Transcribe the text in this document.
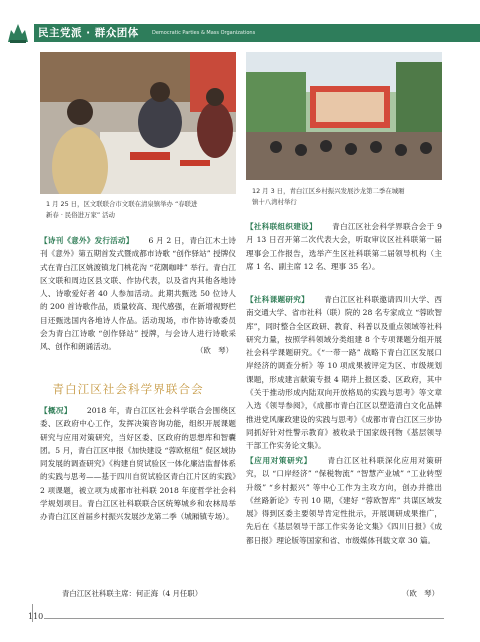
民主党派 · 群众团体	Democratic Parties & Mass Organizations
1 月 25 日，区文联联合市文联在清泉镇举办 “春联进
新春 · 民俗进万家” 活动
12 月 3 日，青白江区乡村振兴发展沙龙第二季在城厢
镇十八湾村举行
【诗刊《意外》发行活动】 6 月 2 日，青白江木土诗刊《意外》第五期首发式暨成都市诗歌 “创作驿站” 授牌仪式在青白江区姚渡镇龙门桃花沟 “花隅咖啡” 举行。青白江区文联和周边区县文联、作协代表，以及省内其他各地诗人、诗歌爱好者 40 人参加活动。此期共甄选 50 位诗人的 200 首诗歌作品，质量较高、现代感强，在新增视野栏目还甄选国内各地诗人作品。活动现场，市作协诗歌委员会为青白江诗歌 “创作驿站” 授牌，与会诗人进行诗歌采风、创作和朗诵活动。	（欧　琴）
青白江区社会科学界联合会
【概况】 2018 年，青白江区社会科学联合会围绕区委、区政府中心工作，发挥决策咨询功能，组织开展课题研究与应用对策研究，当好区委、区政府的思想库和智囊团。5 月，青白江区申报《加快建设 “蓉欧枢纽” 促区域协同发展的调查研究》《构建自贸试验区一体化廉洁监督体系的实践与思考——基于四川自贸试验区青白江片区的实践》2 项课题，被立项为成都市社科联 2018 年度哲学社会科学规划项目。青白江区社科联联合区统筹城乡和农林局举办青白江区首届乡村振兴发展沙龙第二季（城厢镇专场）。
青白江区社科联主席：何正海（4 月任职）
【社科联组织建设】 青白江区社会科学界联合会于 9 月 13 日召开第二次代表大会，听取审议区社科联第一届理事会工作报告，选举产生区社科联第二届领导机构（主席 1 名、副主席 12 名、理事 35 名）。
【社科课题研究】 青白江区社科联邀请四川大学、西南交通大学、省市社科（联）院的 28 名专家成立 “蓉欧智库”，同时整合全区政研、教育、科普以及重点领域等社科研究力量，按照学科领域分类组建 8 个专项课题分组开展社会科学课题研究。《“一带一路” 战略下青白江区发展口岸经济的调查分析》等 10 项成果被评定为区、市级规划课题，形成建言献策专报 4 期并上报区委、区政府，其中《关于推动形成内陆双向开放格局的实践与思考》等文章入选《领导参阅》，《成都市青白江区以塑造清白文化品牌推进党风廉政建设的实践与思考》《成都市青白江区三步协同抓好针对性警示教育》被收录于国家级刊物《基层领导干部工作实务论文集》。
【应用对策研究】 青白江区社科联深化应用对策研究，以 “口岸经济” “保税物流” “智慧产业城” “工业转型升级” “乡村振兴” 等中心工作为主攻方向，创办并推出《丝路新论》专刊 10 期，《建好 “蓉欧智库” 共谋区域发展》得到区委主要领导肯定性批示，开展调研成果推广，先后在《基层领导干部工作实务论文集》《四川日报》《成都日报》理论版等国家和省、市级媒体刊载文章 30 篇。
（欧　琴）
110
